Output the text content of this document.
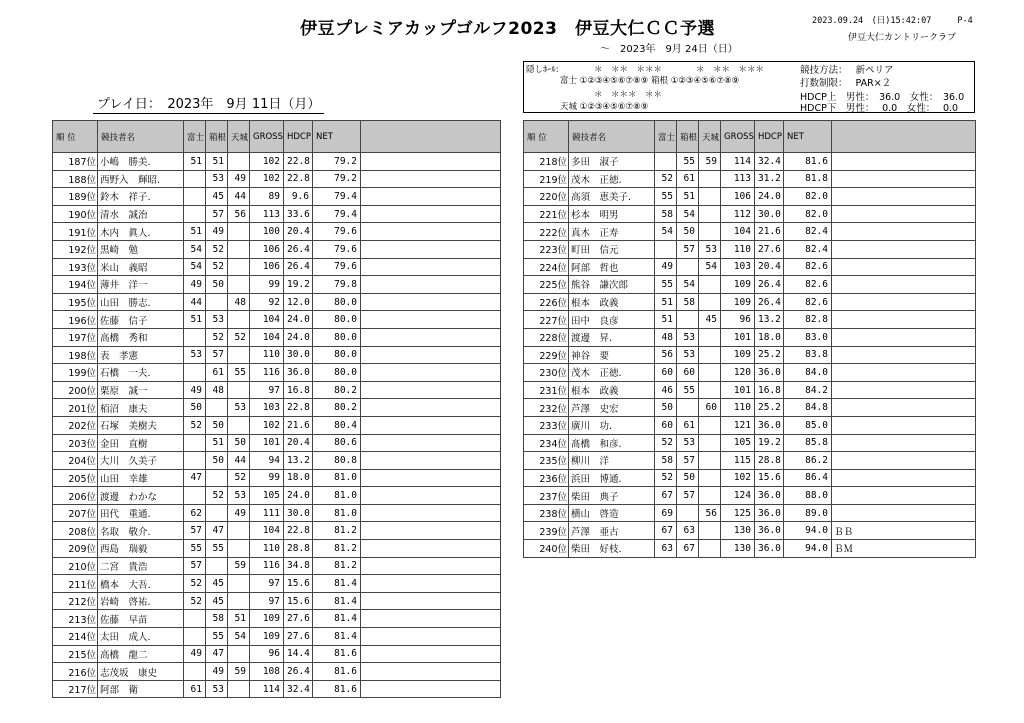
伊豆プレミアカップゴルフ2023　伊豆大仁ＣＣ予選
～　2023年　9月 24日（日）
2023.09.24　(日)15:42:07	P-4
伊豆大仁カントリークラブ
隠しﾎｰﾙ:	＊　＊＊　＊＊＊　　　　＊　＊＊　＊＊＊
富士 ①②③④⑤⑥⑦⑧⑨ 箱根 ①②③④⑤⑥⑦⑧⑨
＊　＊＊＊　＊＊
天城 ①②③④⑤⑥⑦⑧⑨
競技方法： 新ペリア
打数制限： PAR×２
HDCP上　男性：　36.0　女性：　36.0
HDCP下　男性：　 0.0　女性：　 0.0
プレイ日：　2023年　9月 11日（月）
順 位	競技者名	富士	箱根	天城	GROSS	HDCP	NET	
187位	小嶋　勝美.	51	51		102	22.8	79.2	
188位	西野入　輝昭.		53	49	102	22.8	79.2	
189位	鈴木　祥子.		45	44	89	9.6	79.4	
190位	清水　誠治		57	56	113	33.6	79.4	
191位	木内　眞人.	51	49		100	20.4	79.6	
192位	黒崎　勉	54	52		106	26.4	79.6	
193位	米山　義昭	54	52		106	26.4	79.6	
194位	薄井　洋一	49	50		99	19.2	79.8	
195位	山田　勝志.	44		48	92	12.0	80.0	
196位	佐藤　信子	51	53		104	24.0	80.0	
197位	高橋　秀和		52	52	104	24.0	80.0	
198位	表　孝憲	53	57		110	30.0	80.0	
199位	石橋　一夫.		61	55	116	36.0	80.0	
200位	栗原　誠一	49	48		97	16.8	80.2	
201位	栢沼　康夫	50		53	103	22.8	80.2	
202位	石塚　美樹夫	52	50		102	21.6	80.4	
203位	金田　直樹		51	50	101	20.4	80.6	
204位	大川　久美子		50	44	94	13.2	80.8	
205位	山田　幸雄	47		52	99	18.0	81.0	
206位	渡邊　わかな		52	53	105	24.0	81.0	
207位	田代　重通.	62		49	111	30.0	81.0	
208位	名取　敬介.	57	47		104	22.8	81.2	
209位	西島　瑞毅	55	55		110	28.8	81.2	
210位	二宮　貴浩	57		59	116	34.8	81.2	
211位	橋本　大吾.	52	45		97	15.6	81.4	
212位	岩崎　啓祐.	52	45		97	15.6	81.4	
213位	佐藤　早苗		58	51	109	27.6	81.4	
214位	太田　成人.		55	54	109	27.6	81.4	
215位	高橋　龍二	49	47		96	14.4	81.6	
216位	志茂坂　康史		49	59	108	26.4	81.6	
217位	阿部　衛	61	53		114	32.4	81.6	
順 位	競技者名	富士	箱根	天城	GROSS	HDCP	NET	
218位	多田　淑子		55	59	114	32.4	81.6	
219位	茂木　正徳.	52	61		113	31.2	81.8	
220位	高須　恵美子.	55	51		106	24.0	82.0	
221位	杉本　明男	58	54		112	30.0	82.0	
222位	真木　正寿	54	50		104	21.6	82.4	
223位	町田　信元		57	53	110	27.6	82.4	
224位	阿部　哲也	49		54	103	20.4	82.6	
225位	熊谷　謙次郎	55	54		109	26.4	82.6	
226位	根本　政義	51	58		109	26.4	82.6	
227位	田中　良彦	51		45	96	13.2	82.8	
228位	渡邊　昇.	48	53		101	18.0	83.0	
229位	神谷　要	56	53		109	25.2	83.8	
230位	茂木　正徳.	60	60		120	36.0	84.0	
231位	根本　政義	46	55		101	16.8	84.2	
232位	芦澤　史宏	50		60	110	25.2	84.8	
233位	廣川　功.	60	61		121	36.0	85.0	
234位	髙橋　和彦.	52	53		105	19.2	85.8	
235位	柳川　洋	58	57		115	28.8	86.2	
236位	浜田　博通.	52	50		102	15.6	86.4	
237位	柴田　典子	67	57		124	36.0	88.0	
238位	横山　啓造	69		56	125	36.0	89.0	
239位	芦澤　亜古	67	63		130	36.0	94.0	ＢＢ
240位	柴田　好枝.	63	67		130	36.0	94.0	ＢＭ
